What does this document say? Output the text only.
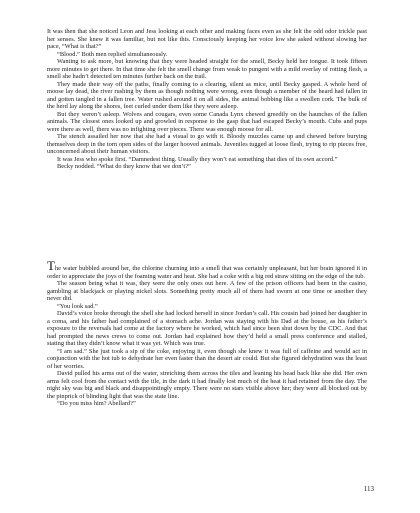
It was then that she noticed Leon and Jess looking at each other and making faces even as she felt the odd odor trickle past her senses. She knew it was familiar, but not like this. Consciously keeping her voice low she asked without slowing her pace, “What is that?”

“Blood.” Both men replied simultaneously.

Wanting to ask more, but knowing that they were headed straight for the smell, Becky held her tongue. It took fifteen more minutes to get there. In that time she felt the smell change from weak to pungent with a mild overlay of rotting flesh, a smell she hadn’t detected ten minutes further back on the trail.

They made their way off the paths, finally coming to a clearing, silent as mice, until Becky gasped. A whole herd of moose lay dead, the river rushing by them as though nothing were wrong, even though a member of the heard had fallen in and gotten tangled in a fallen tree. Water rushed around it on all sides, the animal bobbing like a swollen cork. The bulk of the herd lay along the shores, feet curled under them like they were asleep.

But they weren’t asleep. Wolves and cougars, even some Canada Lynx chewed greedily on the haunches of the fallen animals. The closest ones looked up and growled in response to the gasp that had escaped Becky’s mouth. Cubs and pups were there as well, there was no infighting over pieces. There was enough moose for all.

The stench assailed her now that she had a visual to go with it. Bloody muzzles came up and chewed before burying themselves deep in the torn open sides of the larger hooved animals. Juveniles tugged at loose flesh, trying to rip pieces free, unconcerned about their human visitors.

It was Jess who spoke first. “Damnedest thing. Usually they won’t eat something that dies of its own accord.”

Becky nodded. “What do they know that we don’t?”

The water bubbled around her, the chlorine churning into a smell that was certainly unpleasant, but her brain ignored it in order to appreciate the joys of the foaming water and heat. She had a coke with a big red straw sitting on the edge of the tub.

The season being what it was, they were the only ones out here. A few of the prison officers had been in the casino, gambling at blackjack or playing nickel slots. Something pretty much all of them had sworn at one time or another they never did.

“You look sad.”

David’s voice broke through the shell she had locked herself in since Jordan’s call. His cousin had joined her daughter in a coma, and his father had complained of a stomach ache. Jordan was staying with his Dad at the house, as his father’s exposure to the reversals had come at the factory where he worked, which had since been shut down by the CDC. And that had prompted the news crews to come out. Jordan had explained how they’d held a small press conference and stalled, stating that they didn’t know what it was yet. Which was true.

“I am sad.” She just took a sip of the coke, enjoying it, even though she knew it was full of caffeine and would act in conjunction with the hot tub to dehydrate her even faster than the desert air could. But she figured dehydration was the least of her worries.

David pulled his arms out of the water, stretching them across the tiles and leaning his head back like she did. Her own arms felt cool from the contact with the tile, in the dark it had finally lost much of the heat it had retained from the day. The night sky was big and black and disappointingly empty. There were no stars visible above her; they were all blocked out by the pinprick of blinding light that was the state line.

“Do you miss him? Abellard?”

113
